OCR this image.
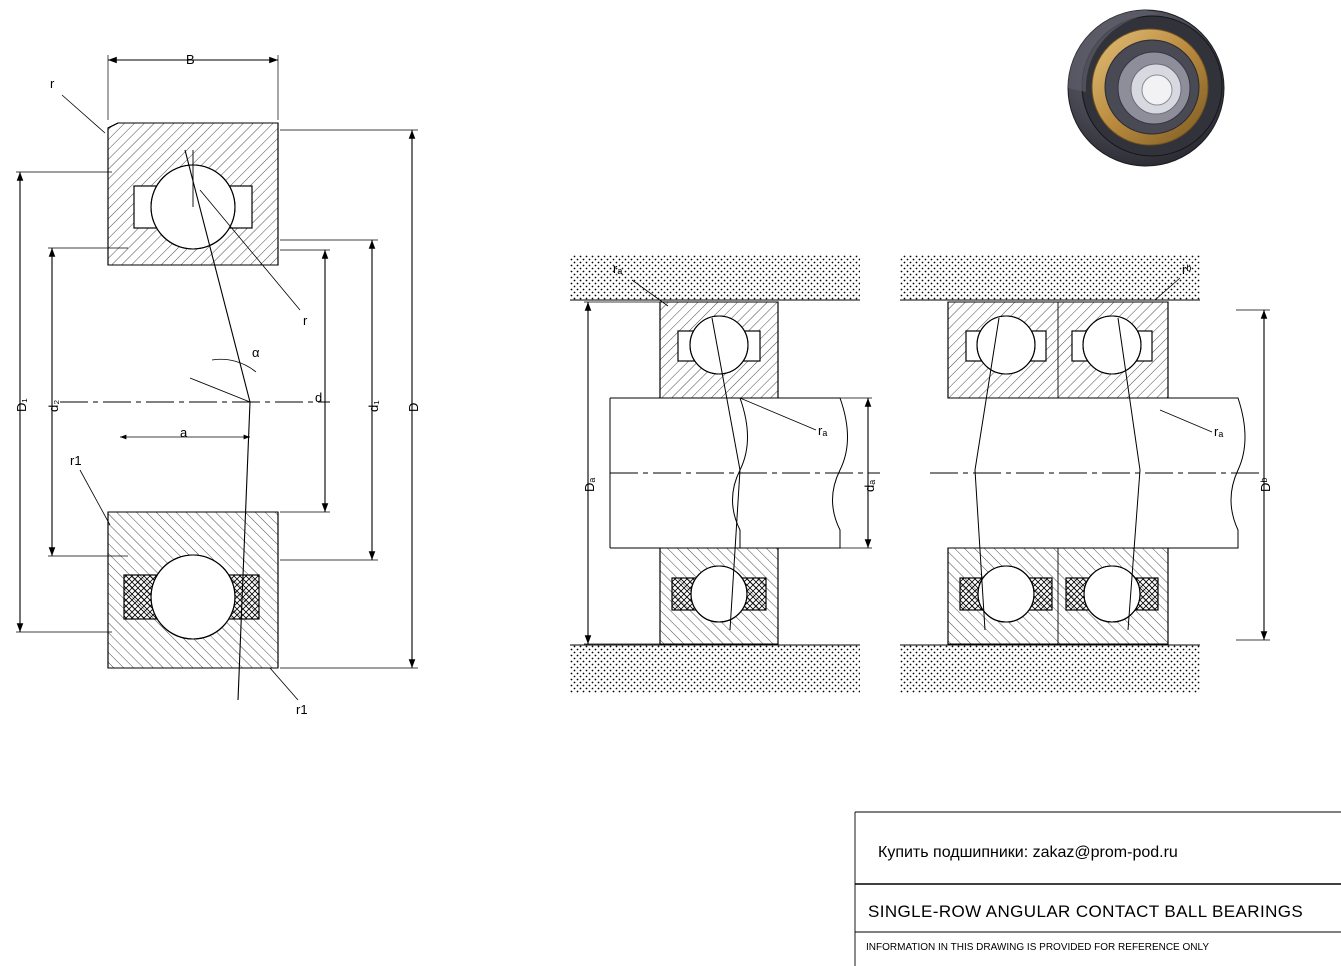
B
r
r
r1
r1
D₁ d₂
a
α
d
d₁ D
rₐ
rₐ
Dₐ	dₐ
rᵇ
rₐ
Dᵇ
Купить подшипники: zakaz@prom-pod.ru
SINGLE-ROW ANGULAR CONTACT BALL BEARINGS
INFORMATION IN THIS DRAWING IS PROVIDED FOR REFERENCE ONLY
